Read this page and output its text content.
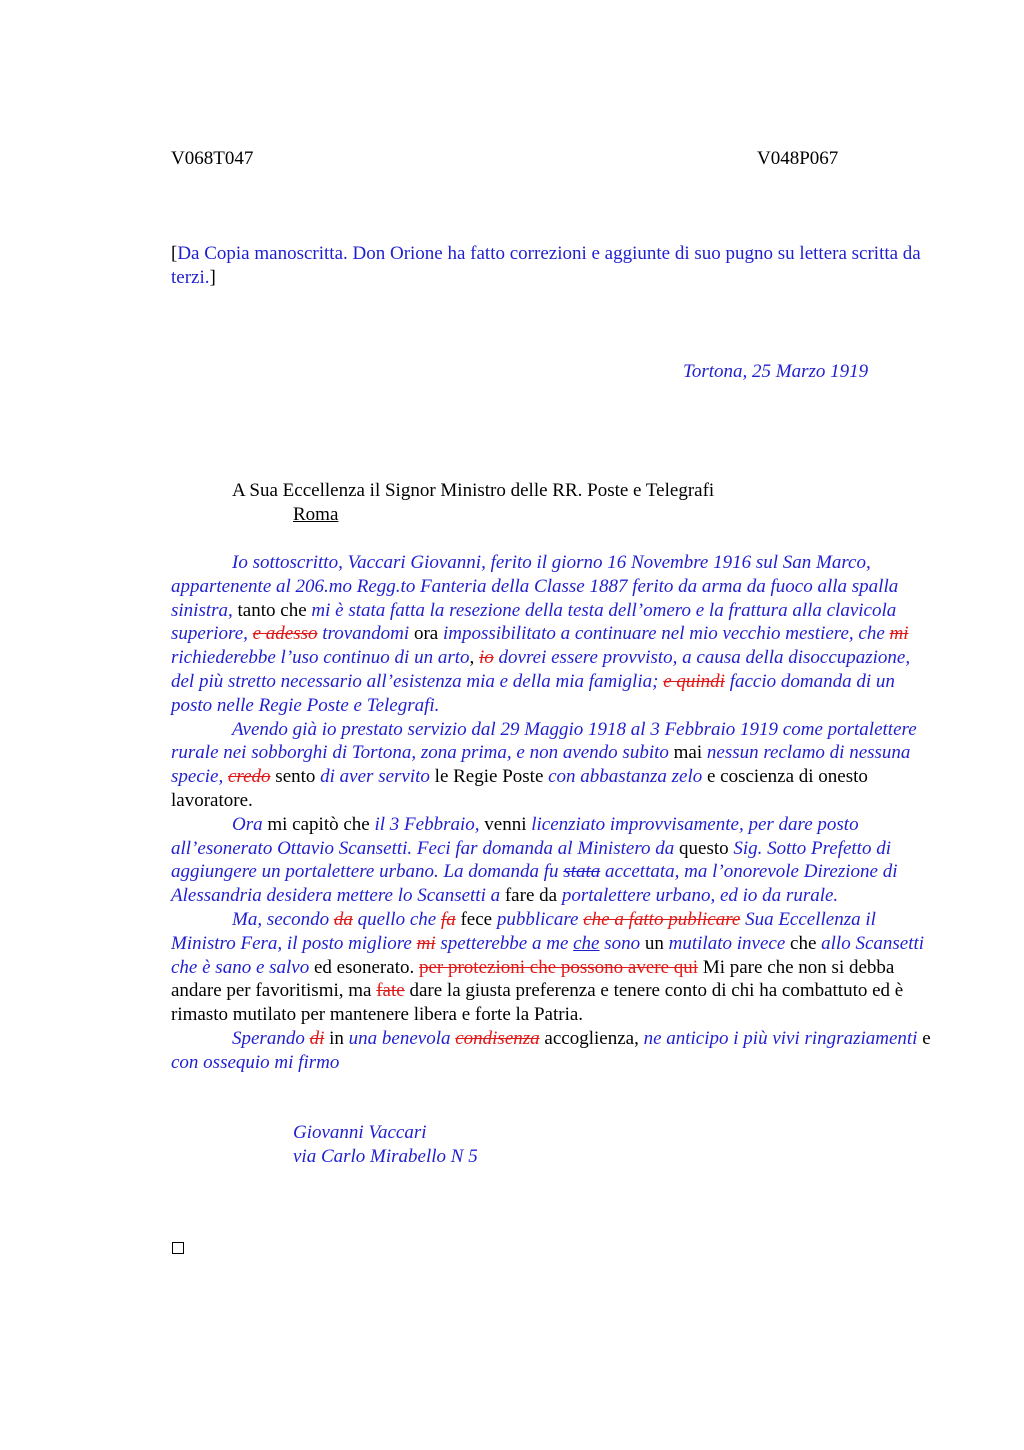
V068T047	V048P067
[Da Copia manoscritta. Don Orione ha fatto correzioni e aggiunte di suo pugno su lettera scritta da terzi.]
Tortona, 25 Marzo 1919
A Sua Eccellenza il Signor Ministro delle RR. Poste e Telegrafi
Roma

Io sottoscritto, Vaccari Giovanni, ferito il giorno 16 Novembre 1916 sul San Marco, appartenente al 206.mo Regg.to Fanteria della Classe 1887 ferito da arma da fuoco alla spalla sinistra, tanto che mi è stata fatta la resezione della testa dell’omero e la frattura alla clavicola superiore, e adesso trovandomi ora impossibilitato a continuare nel mio vecchio mestiere, che mi richiederebbe l’uso continuo di un arto, io dovrei essere provvisto, a causa della disoccupazione, del più stretto necessario all’esistenza mia e della mia famiglia; e quindi faccio domanda di un posto nelle Regie Poste e Telegrafi.

Avendo già io prestato servizio dal 29 Maggio 1918 al 3 Febbraio 1919 come portalettere rurale nei sobborghi di Tortona, zona prima, e non avendo subito mai nessun reclamo di nessuna specie, credo sento di aver servito le Regie Poste con abbastanza zelo e coscienza di onesto lavoratore.

Ora mi capitò che il 3 Febbraio, venni licenziato improvvisamente, per dare posto all’esonerato Ottavio Scansetti. Feci far domanda al Ministero da questo Sig. Sotto Prefetto di aggiungere un portalettere urbano. La domanda fu stata accettata, ma l’onorevole Direzione di Alessandria desidera mettere lo Scansetti a fare da portalettere urbano, ed io da rurale.

Ma, secondo da quello che fa fece pubblicare che a fatto publicare Sua Eccellenza il Ministro Fera, il posto migliore mi spetterebbe a me che sono un mutilato invece che allo Scansetti che è sano e salvo ed esonerato. per protezioni che possono avere qui Mi pare che non si debba andare per favoritismi, ma fate dare la giusta preferenza e tenere conto di chi ha combattuto ed è rimasto mutilato per mantenere libera e forte la Patria.

Sperando di in una benevola condisenza accoglienza, ne anticipo i più vivi ringraziamenti e con ossequio mi firmo

Giovanni Vaccari
via Carlo Mirabello N 5
